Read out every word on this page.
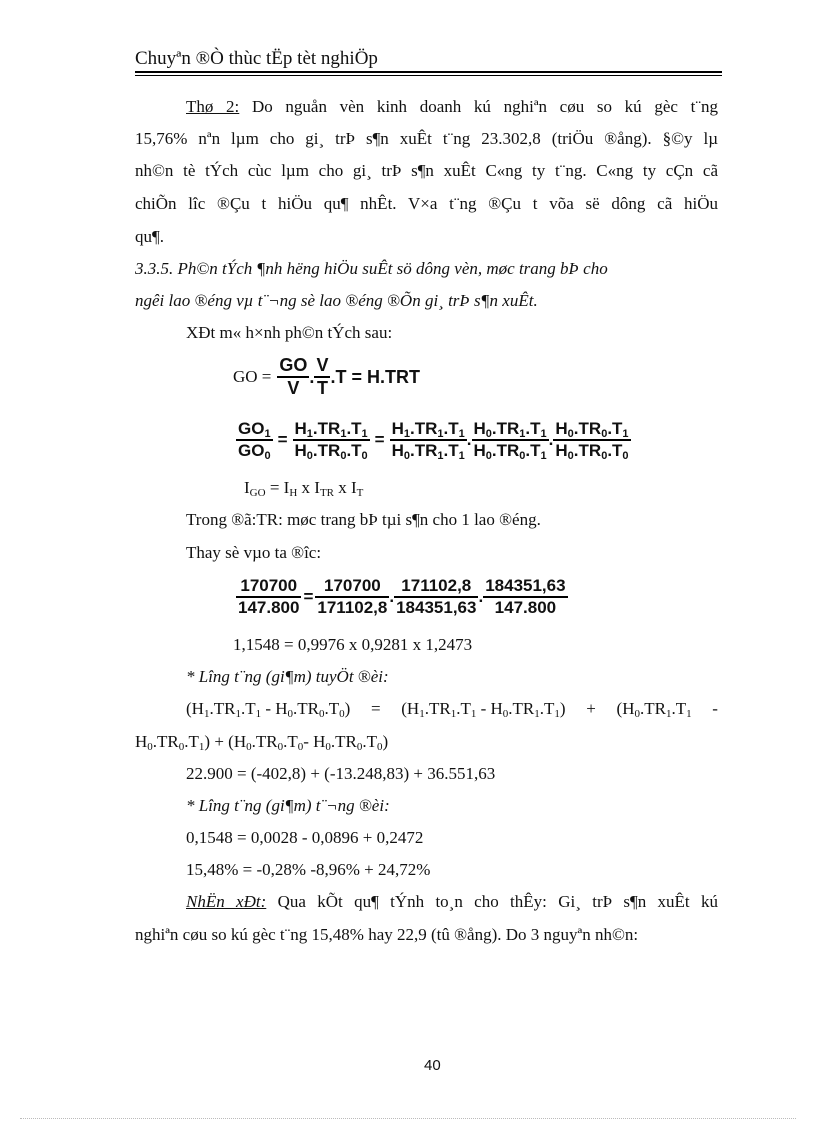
Chuyªn ®Ò thùc tËp tèt nghiÖp
Thø 2: Do nguån vèn kinh doanh kú nghiªn cøu so kú gèc t¨ng
15,76% nªn lµm cho gi¸ trÞ s¶n xuÊt t¨ng 23.302,8 (triÖu ®ång). §©y lµ
nh©n tè tÝch cùc lµm cho gi¸ trÞ s¶n xuÊt C«ng ty t¨ng. C«ng ty cÇn cã
chiÕn lîc ®Çu t hiÖu qu¶ nhÊt. V×a t¨ng ®Çu t võa së dông cã hiÖu
qu¶.
3.3.5. Ph©n tÝch ¶nh hëng hiÖu suÊt sö dông vèn, møc trang bÞ cho
ngêi lao ®éng vµ t¨¬ng sè lao ®éng ®Õn gi¸ trÞ s¶n xuÊt.
XÐt m« h×nh ph©n tÝch sau:
GO = $\frac{GO}{V}$ . $\frac{V}{T} .T = H.TRT$
$\frac{GO_1}{GO_0} = \frac{H_1.TR_1.T_1}{H_0.TR_0.T_0} = \frac{H_1.TR_1.T_1}{H_0.TR_1.T_1}$ . $\frac{H_0.TR_1.T_1}{H_0.TR_0.T_1}$ . $\frac{H_0.TR_0.T_1}{H_0.TR_0.T_0}$
$I_{GO} = I_H$ x $I_{TR}$ x $I_T$
Trong ®ã:TR: møc trang bÞ tµi s¶n cho 1 lao ®éng.
Thay sè vµo ta ®îc:
$\frac{170700}{147.800} = \frac{170700}{171102,8}$ . $\frac{171102,8}{184351,63}$ . $\frac{184351,63}{147.800}$
1,1548 = 0,9976 x 0,9281 x 1,2473
* Lîng t¨ng (gi¶m) tuyÖt ®èi:
$(H_1.TR_1.T_1 - H_0.TR_0.T_0) = (H_1.TR_1.T_1 - H_0.TR_1.T_1) + (H_0.TR_1.T_1$ -
$H_0.TR_0.T_1) + (H_0.TR_0.T_0-$ $H_0.TR_0.T_0$)
22.900 = (-402,8) + (-13.248,83) + 36.551,63
* Lîng t¨ng (gi¶m) t¨¬ng ®èi:
0,1548 = 0,0028 - 0,0896 + 0,2472
15,48% = -0,28% -8,96% + 24,72%
NhËn xÐt: Qua kÕt qu¶ tÝnh to¸n cho thÊy: Gi¸ trÞ s¶n xuÊt kú
nghiªn cøu so kú gèc t¨ng 15,48% hay 22,9 (tû ®ång). Do 3 nguyªn nh©n:
40
